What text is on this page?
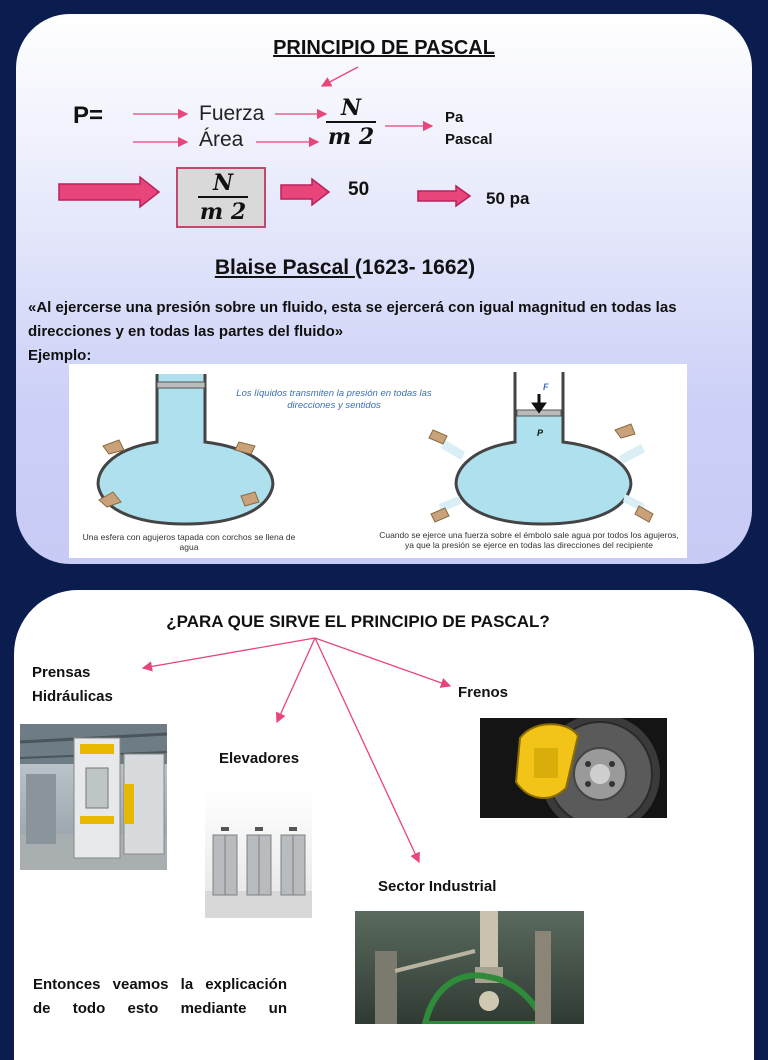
PRINCIPIO DE PASCAL
P=	Fuerza
Área
N
m 2
Pa
Pascal
N
m 2
50	50 pa
Blaise Pascal (1623- 1662)
«Al ejercerse una presión sobre un fluido, esta se ejercerá con igual magnitud en todas las direcciones y en todas las partes del fluido»
Ejemplo:
F
P
Los líquidos transmiten la presión en todas las direcciones y sentidos
Una esfera con agujeros tapada con corchos se llena de agua
Cuando se ejerce una fuerza sobre el émbolo sale agua por todos los agujeros, ya que la presión se ejerce en todas las direcciones del recipiente
¿PARA QUE SIRVE EL PRINCIPIO DE PASCAL?
Prensas
Hidráulicas	Frenos
Elevadores
Sector Industrial
Entonces veamos la explicación
de todo esto mediante un
